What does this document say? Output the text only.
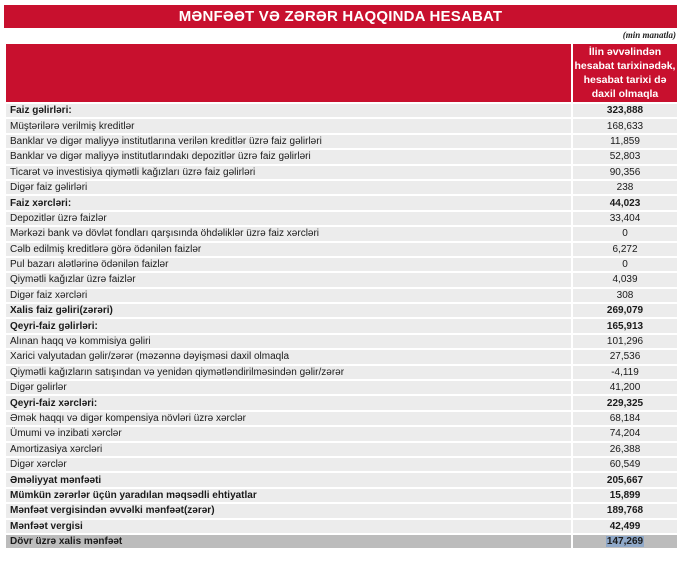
MƏNFƏƏT VƏ ZƏRƏR HAQQINDA HESABAT
(min manatla)
	İlin əvvəlindən hesabat tarixinədək, hesabat tarixi də daxil olmaqla
Faiz gəlirləri:	323,888
Müştərilərə verilmiş kreditlər	168,633
Banklar və digər maliyyə institutlarına verilən kreditlər üzrə faiz gəlirləri	11,859
Banklar və digər maliyyə institutlarındakı depozitlər üzrə faiz gəlirləri	52,803
Ticarət və investisiya qiymətli kağızları üzrə faiz gəlirləri	90,356
Digər faiz gəlirləri	238
Faiz xərcləri:	44,023
Depozitlər üzrə faizlər	33,404
Mərkəzi bank və dövlət fondları qarşısında öhdəliklər üzrə faiz xərcləri	0
Cəlb edilmiş kreditlərə görə ödənilən faizlər	6,272
Pul bazarı alətlərinə ödənilən faizlər	0
Qiymətli kağızlar üzrə faizlər	4,039
Digər faiz xərcləri	308
Xalis faiz gəliri(zərəri)	269,079
Qeyri-faiz gəlirləri:	165,913
Alınan haqq və kommisiya gəliri	101,296
Xarici valyutadan gəlir/zərər (məzənnə dəyişməsi daxil olmaqla	27,536
Qiymətli kağızların satışından və yenidən qiymətləndirilməsindən gəlir/zərər	-4,119
Digər gəlirlər	41,200
Qeyri-faiz xərcləri:	229,325
Əmək haqqı və digər kompensiya növləri üzrə xərclər	68,184
Ümumi və inzibati xərclər	74,204
Amortizasiya xərcləri	26,388
Digər xərclər	60,549
Əməliyyat mənfəəti	205,667
Mümkün zərərlər üçün yaradılan məqsədli ehtiyatlar	15,899
Mənfəət vergisindən əvvəlki mənfəət(zərər)	189,768
Mənfəət vergisi	42,499
Dövr üzrə xalis mənfəət	147,269
